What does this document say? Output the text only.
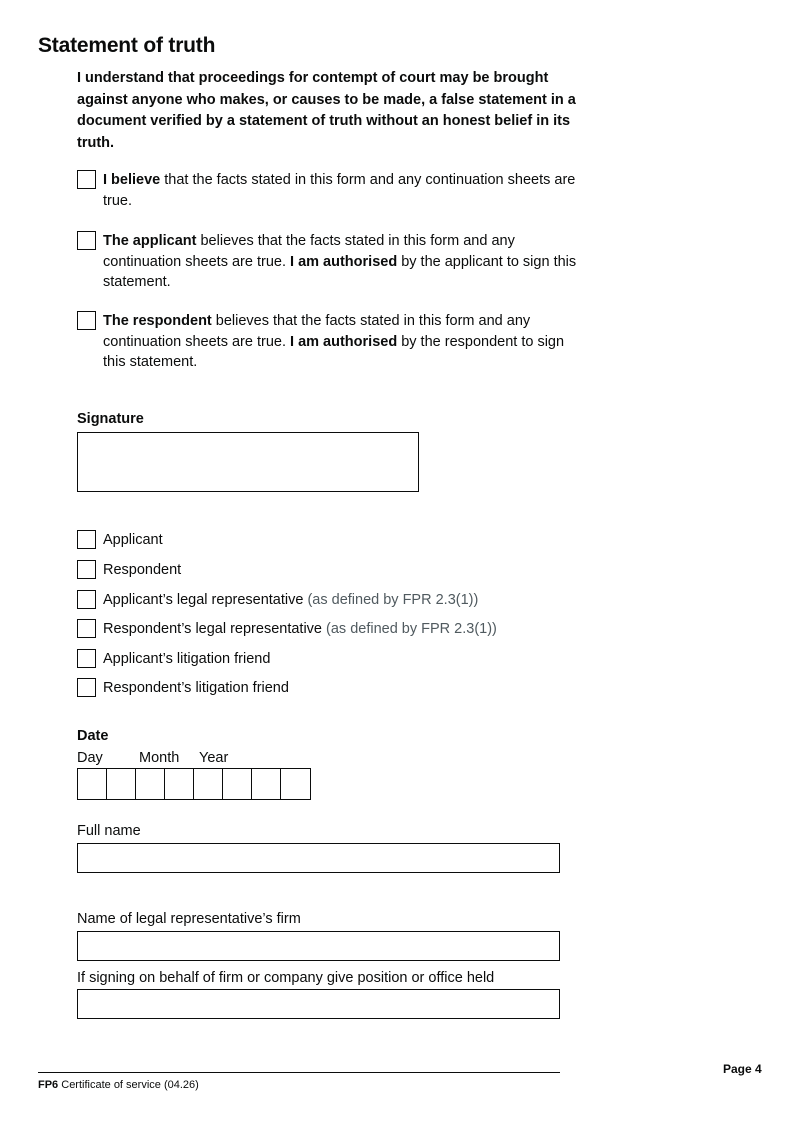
Statement of truth

I understand that proceedings for contempt of court may be brought against anyone who makes, or causes to be made, a false statement in a document verified by a statement of truth without an honest belief in its truth.

I believe that the facts stated in this form and any continuation sheets are true.

The applicant believes that the facts stated in this form and any continuation sheets are true. I am authorised by the applicant to sign this statement.

The respondent believes that the facts stated in this form and any continuation sheets are true. I am authorised by the respondent to sign this statement.

Signature
Applicant
Respondent
Applicant’s legal representative (as defined by FPR 2.3(1))
Respondent’s legal representative (as defined by FPR 2.3(1))
Applicant’s litigation friend
Respondent’s litigation friend
Date
Day Month Year
Full name
Name of legal representative’s firm
If signing on behalf of firm or company give position or office held
FP6 Certificate of service (04.26)
Page 4
